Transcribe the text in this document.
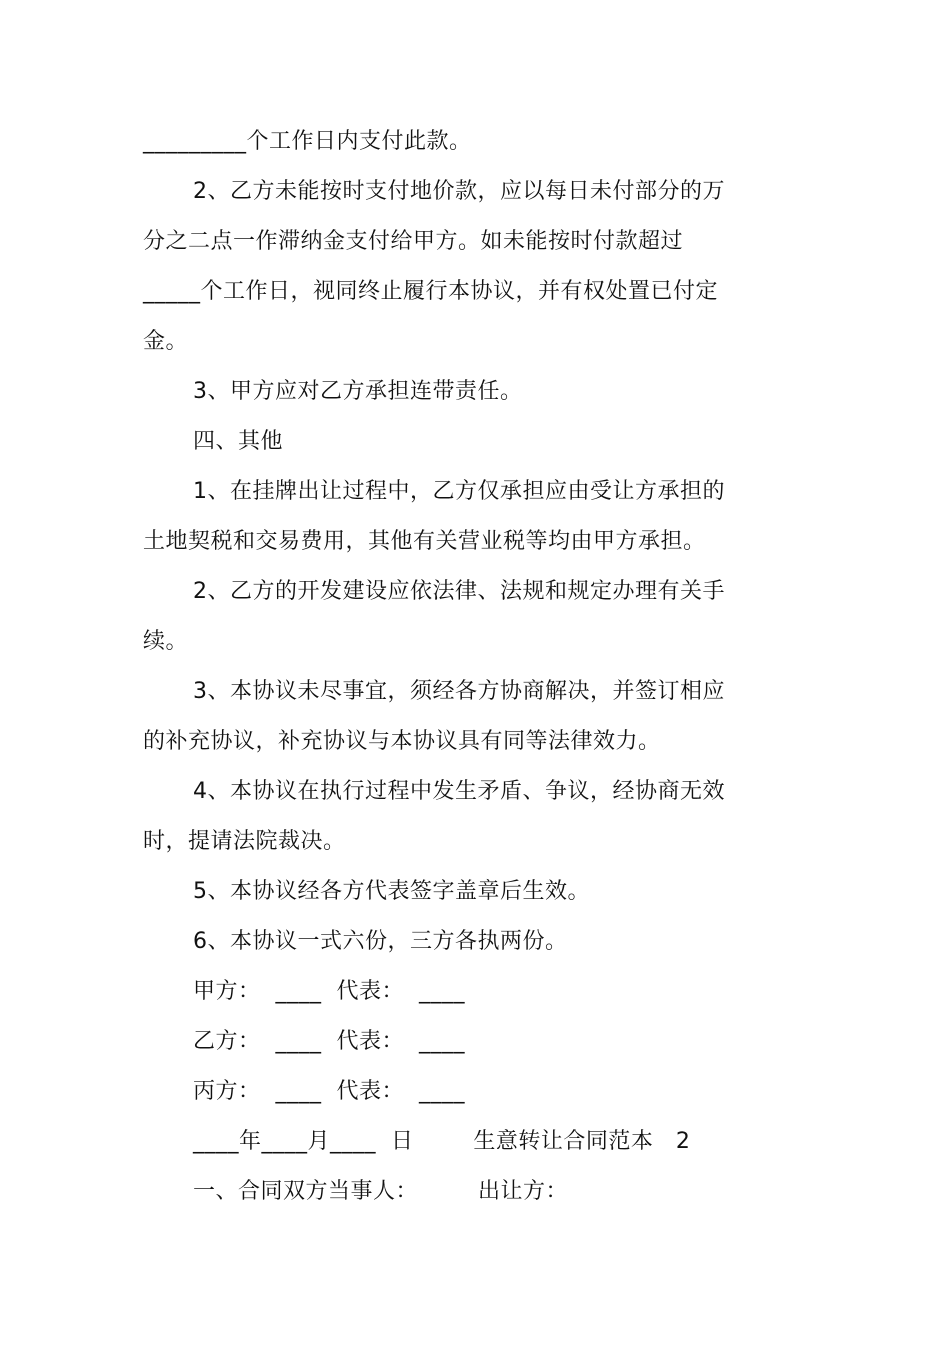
_________个工作日内支付此款。
2、乙方未能按时支付地价款，应以每日未付部分的万
分之二点一作滞纳金支付给甲方。如未能按时付款超过
_____个工作日，视同终止履行本协议，并有权处置已付定
金。
3、甲方应对乙方承担连带责任。
四、其他
1、在挂牌出让过程中，乙方仅承担应由受让方承担的
土地契税和交易费用，其他有关营业税等均由甲方承担。
2、乙方的开发建设应依法律、法规和规定办理有关手
续。
3、本协议未尽事宜，须经各方协商解决，并签订相应
的补充协议，补充协议与本协议具有同等法律效力。
4、本协议在执行过程中发生矛盾、争议，经协商无效
时，提请法院裁决。
5、本协议经各方代表签字盖章后生效。
6、本协议一式六份，三方各执两份。
甲方：  ____  代表：  ____
乙方：  ____  代表：  ____
丙方：  ____  代表：  ____
____年____月____  日        生意转让合同范本   2
一、合同双方当事人：        出让方：
